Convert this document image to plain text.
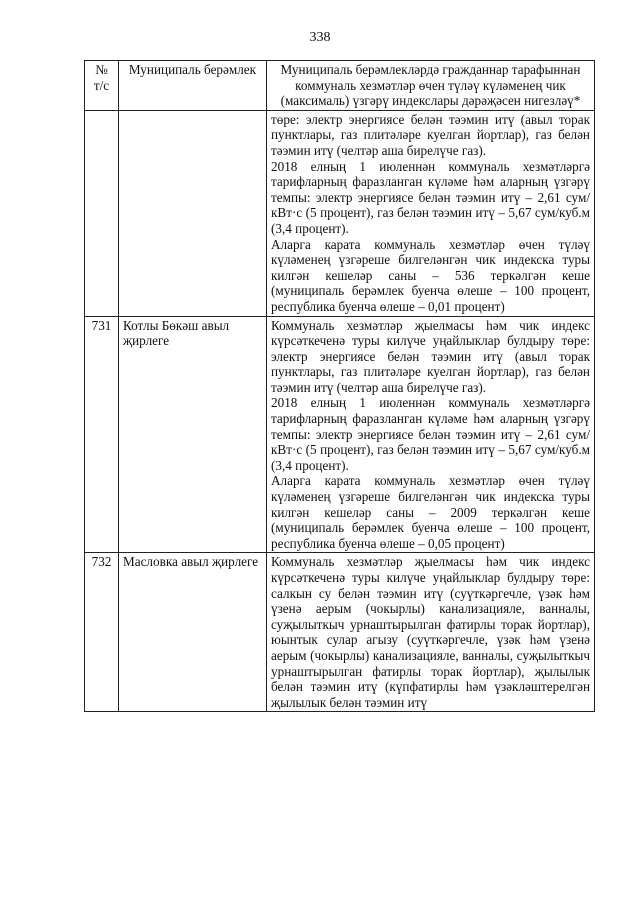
338
№ т/с	Муниципаль берәмлек	Муниципаль берәмлекләрдә гражданнар тарафыннан коммуналь хезмәтләр өчен түләү күләменең чик (максималь) үзгәрү индекслары дәрәҗәсен нигезләү*

		төре: электр энергиясе белән тәэмин итү (авыл торак пунктлары, газ плитәләре куелган йортлар), газ белән тәэмин итү (челтәр аша бирелүче газ).

2018 елның 1 июленнән коммуналь хезмәтләргә тарифларның фаразланган күләме һәм аларның үзгәрү темпы: электр энергиясе белән тәэмин итү – 2,61 сум/кВт·с (5 процент), газ белән тәэмин итү – 5,67 сум/куб.м (3,4 процент).

Аларга карата коммуналь хезмәтләр өчен түләү күләменең үзгәреше билгеләнгән чик индекска туры килгән кешеләр саны – 536 теркәлгән кеше (муниципаль берәмлек буенча өлеше – 100 процент, республика буенча өлеше – 0,01 процент)

731	Котлы Бөкәш авыл җирлеге	Коммуналь хезмәтләр җыелмасы һәм чик индекс күрсәткеченә туры килүче уңайлыклар булдыру төре: электр энергиясе белән тәэмин итү (авыл торак пунктлары, газ плитәләре куелган йортлар), газ белән тәэмин итү (челтәр аша бирелүче газ).

2018 елның 1 июленнән коммуналь хезмәтләргә тарифларның фаразланган күләме һәм аларның үзгәрү темпы: электр энергиясе белән тәэмин итү – 2,61 сум/кВт·с (5 процент), газ белән тәэмин итү – 5,67 сум/куб.м (3,4 процент).

Аларга карата коммуналь хезмәтләр өчен түләү күләменең үзгәреше билгеләнгән чик индекска туры килгән кешеләр саны – 2009 теркәлгән кеше (муниципаль берәмлек буенча өлеше – 100 процент, республика буенча өлеше – 0,05 процент)

732	Масловка авыл җирлеге	Коммуналь хезмәтләр җыелмасы һәм чик индекс күрсәткеченә туры килүче уңайлыклар булдыру төре: салкын су белән тәэмин итү (суүткәргечле, үзәк һәм үзенә аерым (чокырлы) канализацияле, ванналы, суҗылыткыч урнаштырылган фатирлы торак йортлар), юынтык сулар агызу (суүткәргечле, үзәк һәм үзенә аерым (чокырлы) канализацияле, ванналы, суҗылыткыч урнаштырылган фатирлы торак йортлар), җылылык белән тәэмин итү (күпфатирлы һәм үзәкләштерелгән җылылык белән тәэмин итү
